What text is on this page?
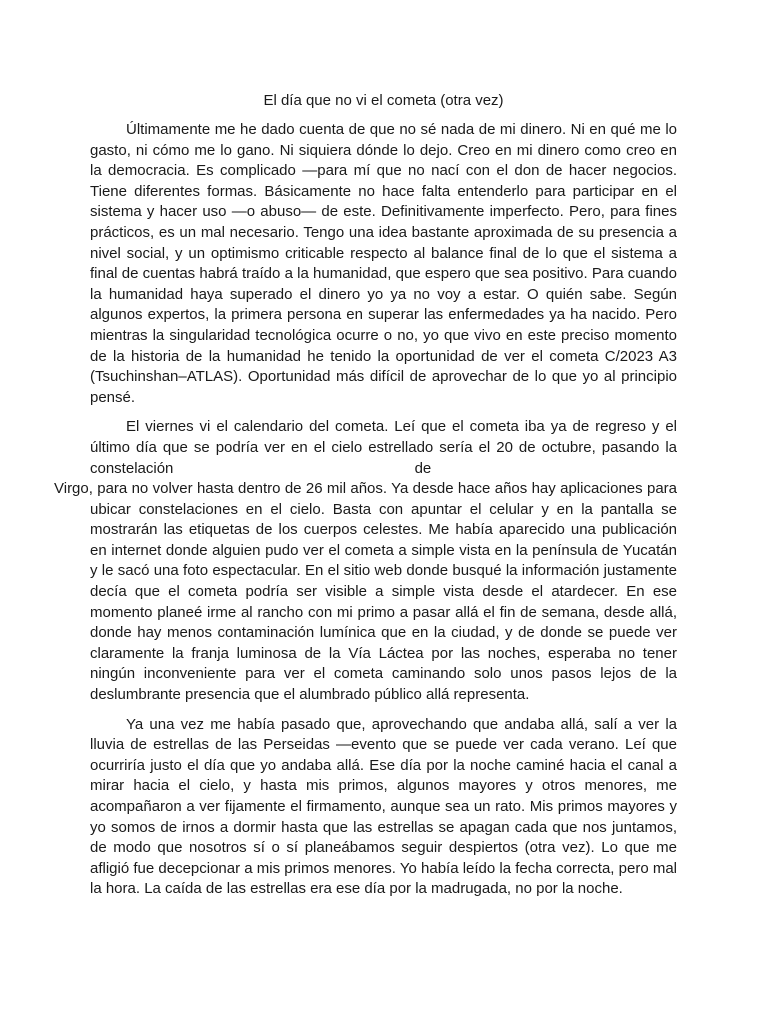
El día que no vi el cometa (otra vez)

Últimamente me he dado cuenta de que no sé nada de mi dinero. Ni en qué me lo gasto, ni cómo me lo gano. Ni siquiera dónde lo dejo. Creo en mi dinero como creo en la democracia. Es complicado —para mí que no nací con el don de hacer negocios. Tiene diferentes formas. Básicamente no hace falta entenderlo para participar en el sistema y hacer uso —o abuso— de este. Definitivamente imperfecto. Pero, para fines prácticos, es un mal necesario. Tengo una idea bastante aproximada de su presencia a nivel social, y un optimismo criticable respecto al balance final de lo que el sistema a final de cuentas habrá traído a la humanidad, que espero que sea positivo. Para cuando la humanidad haya superado el dinero yo ya no voy a estar. O quién sabe. Según algunos expertos, la primera persona en superar las enfermedades ya ha nacido. Pero mientras la singularidad tecnológica ocurre o no, yo que vivo en este preciso momento de la historia de la humanidad he tenido la oportunidad de ver el cometa C/2023 A3 (Tsuchinshan–ATLAS). Oportunidad más difícil de aprovechar de lo que yo al principio pensé.

El viernes vi el calendario del cometa. Leí que el cometa iba ya de regreso y el último día que se podría ver en el cielo estrellado sería el 20 de octubre, pasando la constelación	de
Virgo, para no volver hasta dentro de 26 mil años. Ya desde hace años hay aplicaciones para ubicar constelaciones en el cielo. Basta con apuntar el celular y en la pantalla se mostrarán las etiquetas de los cuerpos celestes. Me había aparecido una publicación en internet donde alguien pudo ver el cometa a simple vista en la península de Yucatán y le sacó una foto espectacular. En el sitio web donde busqué la información justamente decía que el cometa podría ser visible a simple vista desde el atardecer. En ese momento planeé irme al rancho con mi primo a pasar allá el fin de semana, desde allá, donde hay menos contaminación lumínica que en la ciudad, y de donde se puede ver claramente la franja luminosa de la Vía Láctea por las noches, esperaba no tener ningún inconveniente para ver el cometa caminando solo unos pasos lejos de la deslumbrante presencia que el alumbrado público allá representa.

Ya una vez me había pasado que, aprovechando que andaba allá, salí a ver la lluvia de estrellas de las Perseidas —evento que se puede ver cada verano. Leí que ocurriría justo el día que yo andaba allá. Ese día por la noche caminé hacia el canal a mirar hacia el cielo, y hasta mis primos, algunos mayores y otros menores, me acompañaron a ver fijamente el firmamento, aunque sea un rato. Mis primos mayores y yo somos de irnos a dormir hasta que las estrellas se apagan cada que nos juntamos, de modo que nosotros sí o sí planeábamos seguir despiertos (otra vez). Lo que me afligió fue decepcionar a mis primos menores. Yo había leído la fecha correcta, pero mal la hora. La caída de las estrellas era ese día por la madrugada, no por la noche.
